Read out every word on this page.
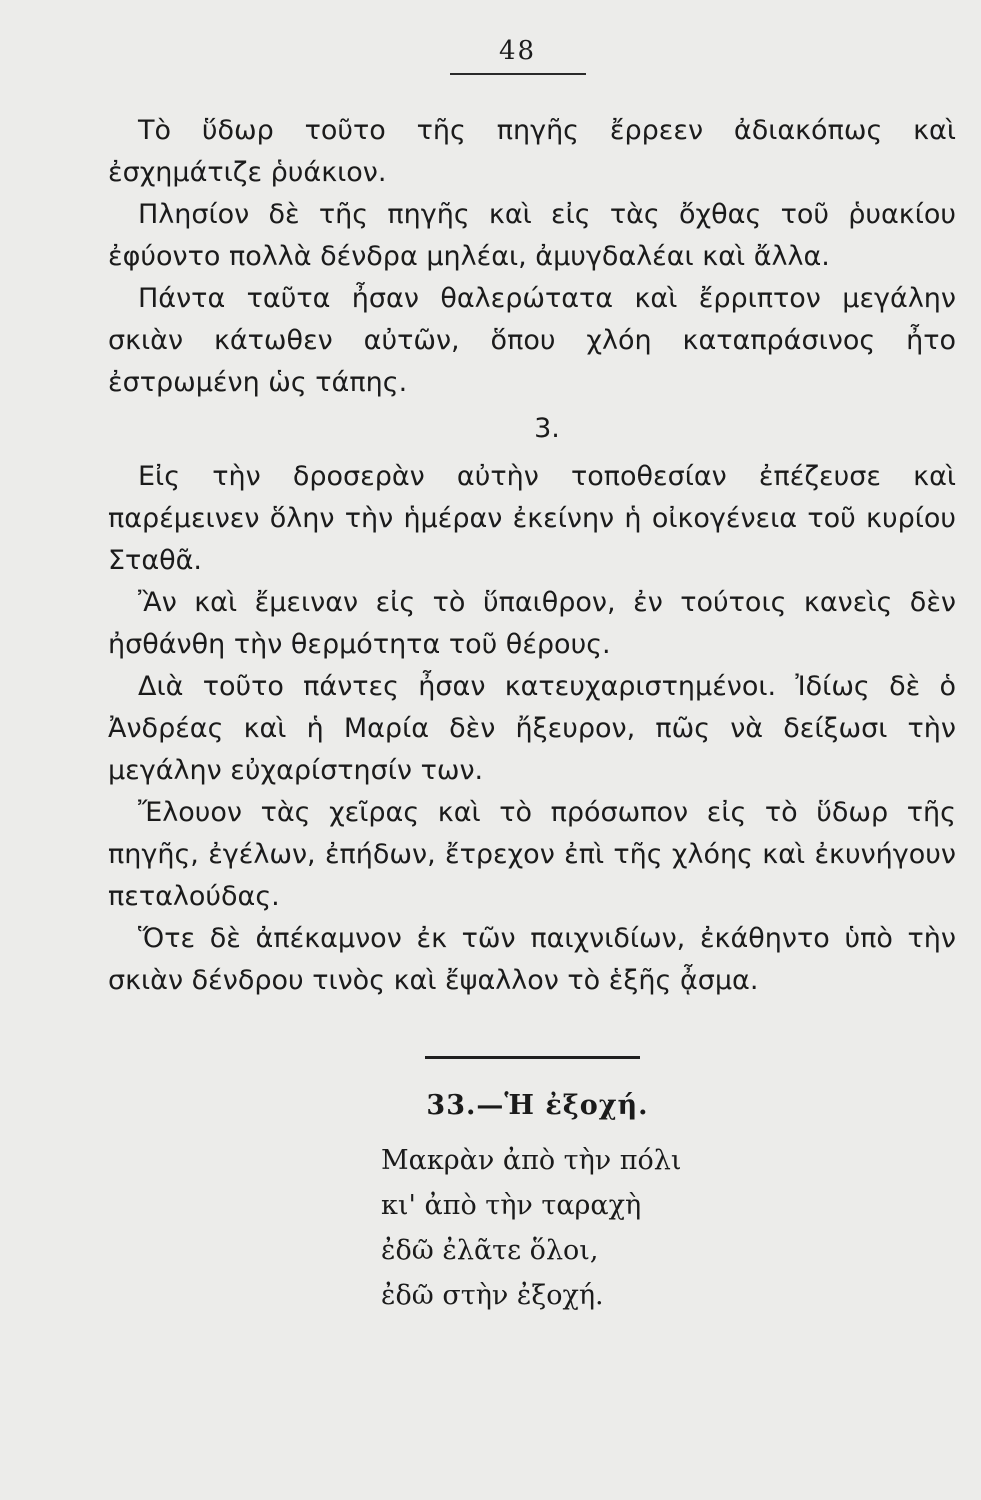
48

Τὸ ὕδωρ τοῦτο τῆς πηγῆς ἔρρεεν ἀδιακόπως καὶ ἐσχημάτιζε ῥυάκιον.

Πλησίον δὲ τῆς πηγῆς καὶ εἰς τὰς ὄχθας τοῦ ῥυακίου ἐφύοντο πολλὰ δένδρα μηλέαι, ἀμυγδαλέαι καὶ ἄλλα.

Πάντα ταῦτα ἦσαν θαλερώτατα καὶ ἔρριπτον μεγάλην σκιὰν κάτωθεν αὐτῶν, ὅπου χλόη καταπράσινος ἦτο ἐστρωμένη ὡς τάπης.

3.

Εἰς τὴν δροσερὰν αὐτὴν τοποθεσίαν ἐπέζευσε καὶ παρέμεινεν ὅλην τὴν ἡμέραν ἐκείνην ἡ οἰκογένεια τοῦ κυρίου Σταθᾶ.

Ἂν καὶ ἔμειναν εἰς τὸ ὕπαιθρον, ἐν τούτοις κανεὶς δὲν ἠσθάνθη τὴν θερμότητα τοῦ θέρους.

Διὰ τοῦτο πάντες ἦσαν κατευχαριστημένοι. Ἰδίως δὲ ὁ Ἀνδρέας καὶ ἡ Μαρία δὲν ἤξευρον, πῶς νὰ δείξωσι τὴν μεγάλην εὐχαρίστησίν των.

Ἔλουον τὰς χεῖρας καὶ τὸ πρόσωπον εἰς τὸ ὕδωρ τῆς πηγῆς, ἐγέλων, ἐπήδων, ἔτρεχον ἐπὶ τῆς χλόης καὶ ἐκυνήγουν πεταλούδας.

Ὅτε δὲ ἀπέκαμνον ἐκ τῶν παιχνιδίων, ἐκάθηντο ὑπὸ τὴν σκιὰν δένδρου τινὸς καὶ ἔψαλλον τὸ ἑξῆς ᾆσμα.

33.—Ἡ ἐξοχή.
Μακρὰν ἀπὸ τὴν πόλι
κι' ἀπὸ τὴν ταραχὴ
ἐδῶ ἐλᾶτε ὅλοι,
ἐδῶ στὴν ἐξοχή.
